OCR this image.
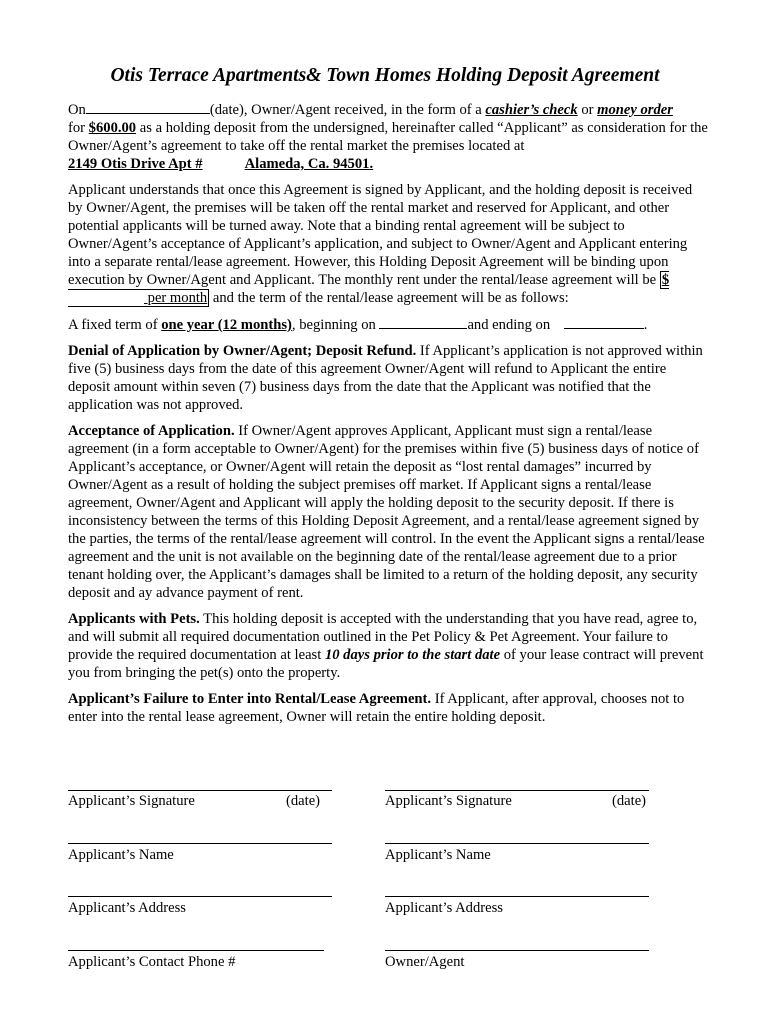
Otis Terrace Apartments& Town Homes Holding Deposit Agreement

On	(date), Owner/Agent received, in the form of a cashier’s check or money order
for $600.00 as a holding deposit from the undersigned, hereinafter called “Applicant” as consideration for the Owner/Agent’s agreement to take off the rental market the premises located at
2149 Otis Drive Apt #	Alameda, Ca. 94501.

Applicant understands that once this Agreement is signed by Applicant, and the holding deposit is received by Owner/Agent, the premises will be taken off the rental market and reserved for Applicant, and other potential applicants will be turned away. Note that a binding rental agreement will be subject to Owner/Agent’s acceptance of Applicant’s application, and subject to Owner/Agent and Applicant entering into a separate rental/lease agreement. However, this Holding Deposit Agreement will be binding upon execution by Owner/Agent and Applicant. The monthly rent under the rental/lease agreement will be $ per month and the term of the rental/lease agreement will be as follows:

A fixed term of one year (12 months), beginning on	and ending on	.

Denial of Application by Owner/Agent; Deposit Refund. If Applicant’s application is not approved within five (5) business days from the date of this agreement Owner/Agent will refund to Applicant the entire deposit amount within seven (7) business days from the date that the Applicant was notified that the application was not approved.

Acceptance of Application. If Owner/Agent approves Applicant, Applicant must sign a rental/lease agreement (in a form acceptable to Owner/Agent) for the premises within five (5) business days of notice of Applicant’s acceptance, or Owner/Agent will retain the deposit as “lost rental damages” incurred by Owner/Agent as a result of holding the subject premises off market. If Applicant signs a rental/lease agreement, Owner/Agent and Applicant will apply the holding deposit to the security deposit. If there is inconsistency between the terms of this Holding Deposit Agreement, and a rental/lease agreement signed by the parties, the terms of the rental/lease agreement will control. In the event the Applicant signs a rental/lease agreement and the unit is not available on the beginning date of the rental/lease agreement due to a prior tenant holding over, the Applicant’s damages shall be limited to a return of the holding deposit, any security deposit and ay advance payment of rent.

Applicants with Pets. This holding deposit is accepted with the understanding that you have read, agree to, and will submit all required documentation outlined in the Pet Policy & Pet Agreement. Your failure to provide the required documentation at least 10 days prior to the start date of your lease contract will prevent you from bringing the pet(s) onto the property.

Applicant’s Failure to Enter into Rental/Lease Agreement. If Applicant, after approval, chooses not to enter into the rental lease agreement, Owner will retain the entire holding deposit.

Applicant’s Signature	(date)	Applicant’s Signature	(date)
Applicant’s Name	Applicant’s Name
Applicant’s Address	Applicant’s Address
Applicant’s Contact Phone #	Owner/Agent
